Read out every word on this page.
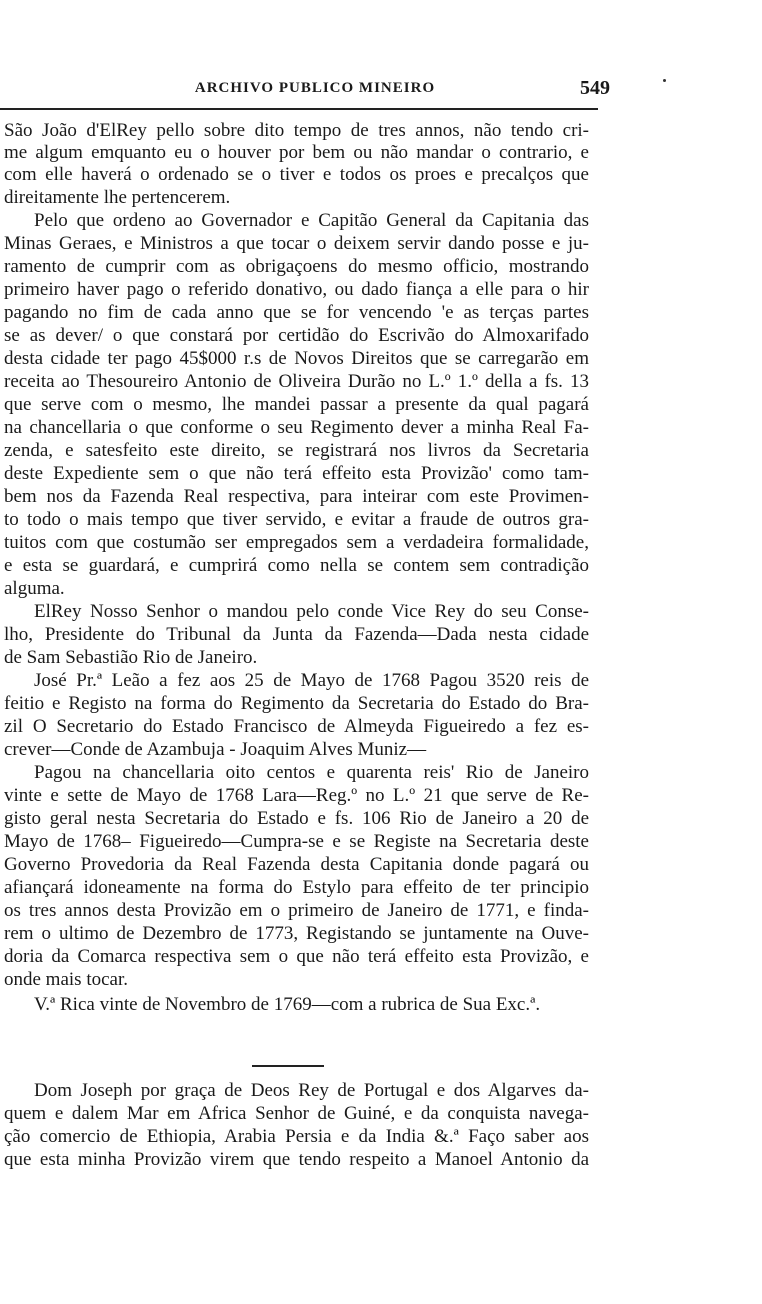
ARCHIVO PUBLICO MINEIRO	549
São João d'ElRey pello sobre dito tempo de tres annos, não tendo cri-
me algum emquanto eu o houver por bem ou não mandar o contrario, e
com elle haverá o ordenado se o tiver e todos os proes e precalços que
direitamente lhe pertencerem.
Pelo que ordeno ao Governador e Capitão General da Capitania das
Minas Geraes, e Ministros a que tocar o deixem servir dando posse e ju-
ramento de cumprir com as obrigaçoens do mesmo officio, mostrando
primeiro haver pago o referido donativo, ou dado fiança a elle para o hir
pagando no fim de cada anno que se for vencendo 'e as terças partes
se as dever/ o que constará por certidão do Escrivão do Almoxarifado
desta cidade ter pago 45$000 r.s de Novos Direitos que se carregarão em
receita ao Thesoureiro Antonio de Oliveira Durão no L.º 1.º della a fs. 13
que serve com o mesmo, lhe mandei passar a presente da qual pagará
na chancellaria o que conforme o seu Regimento dever a minha Real Fa-
zenda, e satesfeito este direito, se registrará nos livros da Secretaria
deste Expediente sem o que não terá effeito esta Provizão' como tam-
bem nos da Fazenda Real respectiva, para inteirar com este Provimen-
to todo o mais tempo que tiver servido, e evitar a fraude de outros gra-
tuitos com que costumão ser empregados sem a verdadeira formalidade,
e esta se guardará, e cumprirá como nella se contem sem contradição
alguma.
ElRey Nosso Senhor o mandou pelo conde Vice Rey do seu Conse-
lho, Presidente do Tribunal da Junta da Fazenda—Dada nesta cidade
de Sam Sebastião Rio de Janeiro.
José Pr.ª Leão a fez aos 25 de Mayo de 1768 Pagou 3520 reis de
feitio e Registo na forma do Regimento da Secretaria do Estado do Bra-
zil O Secretario do Estado Francisco de Almeyda Figueiredo a fez es-
crever—Conde de Azambuja - Joaquim Alves Muniz—
Pagou na chancellaria oito centos e quarenta reis' Rio de Janeiro
vinte e sette de Mayo de 1768 Lara—Reg.º no L.º 21 que serve de Re-
gisto geral nesta Secretaria do Estado e fs. 106 Rio de Janeiro a 20 de
Mayo de 1768– Figueiredo—Cumpra-se e se Registe na Secretaria deste
Governo Provedoria da Real Fazenda desta Capitania donde pagará ou
afiançará idoneamente na forma do Estylo para effeito de ter principio
os tres annos desta Provizão em o primeiro de Janeiro de 1771, e finda-
rem o ultimo de Dezembro de 1773, Registando se juntamente na Ouve-
doria da Comarca respectiva sem o que não terá effeito esta Provizão, e
onde mais tocar.
V.ª Rica vinte de Novembro de 1769—com a rubrica de Sua Exc.ª.
Dom Joseph por graça de Deos Rey de Portugal e dos Algarves da-
quem e dalem Mar em Africa Senhor de Guiné, e da conquista navega-
ção comercio de Ethiopia, Arabia Persia e da India &.ª Faço saber aos
que esta minha Provizão virem que tendo respeito a Manoel Antonio da
